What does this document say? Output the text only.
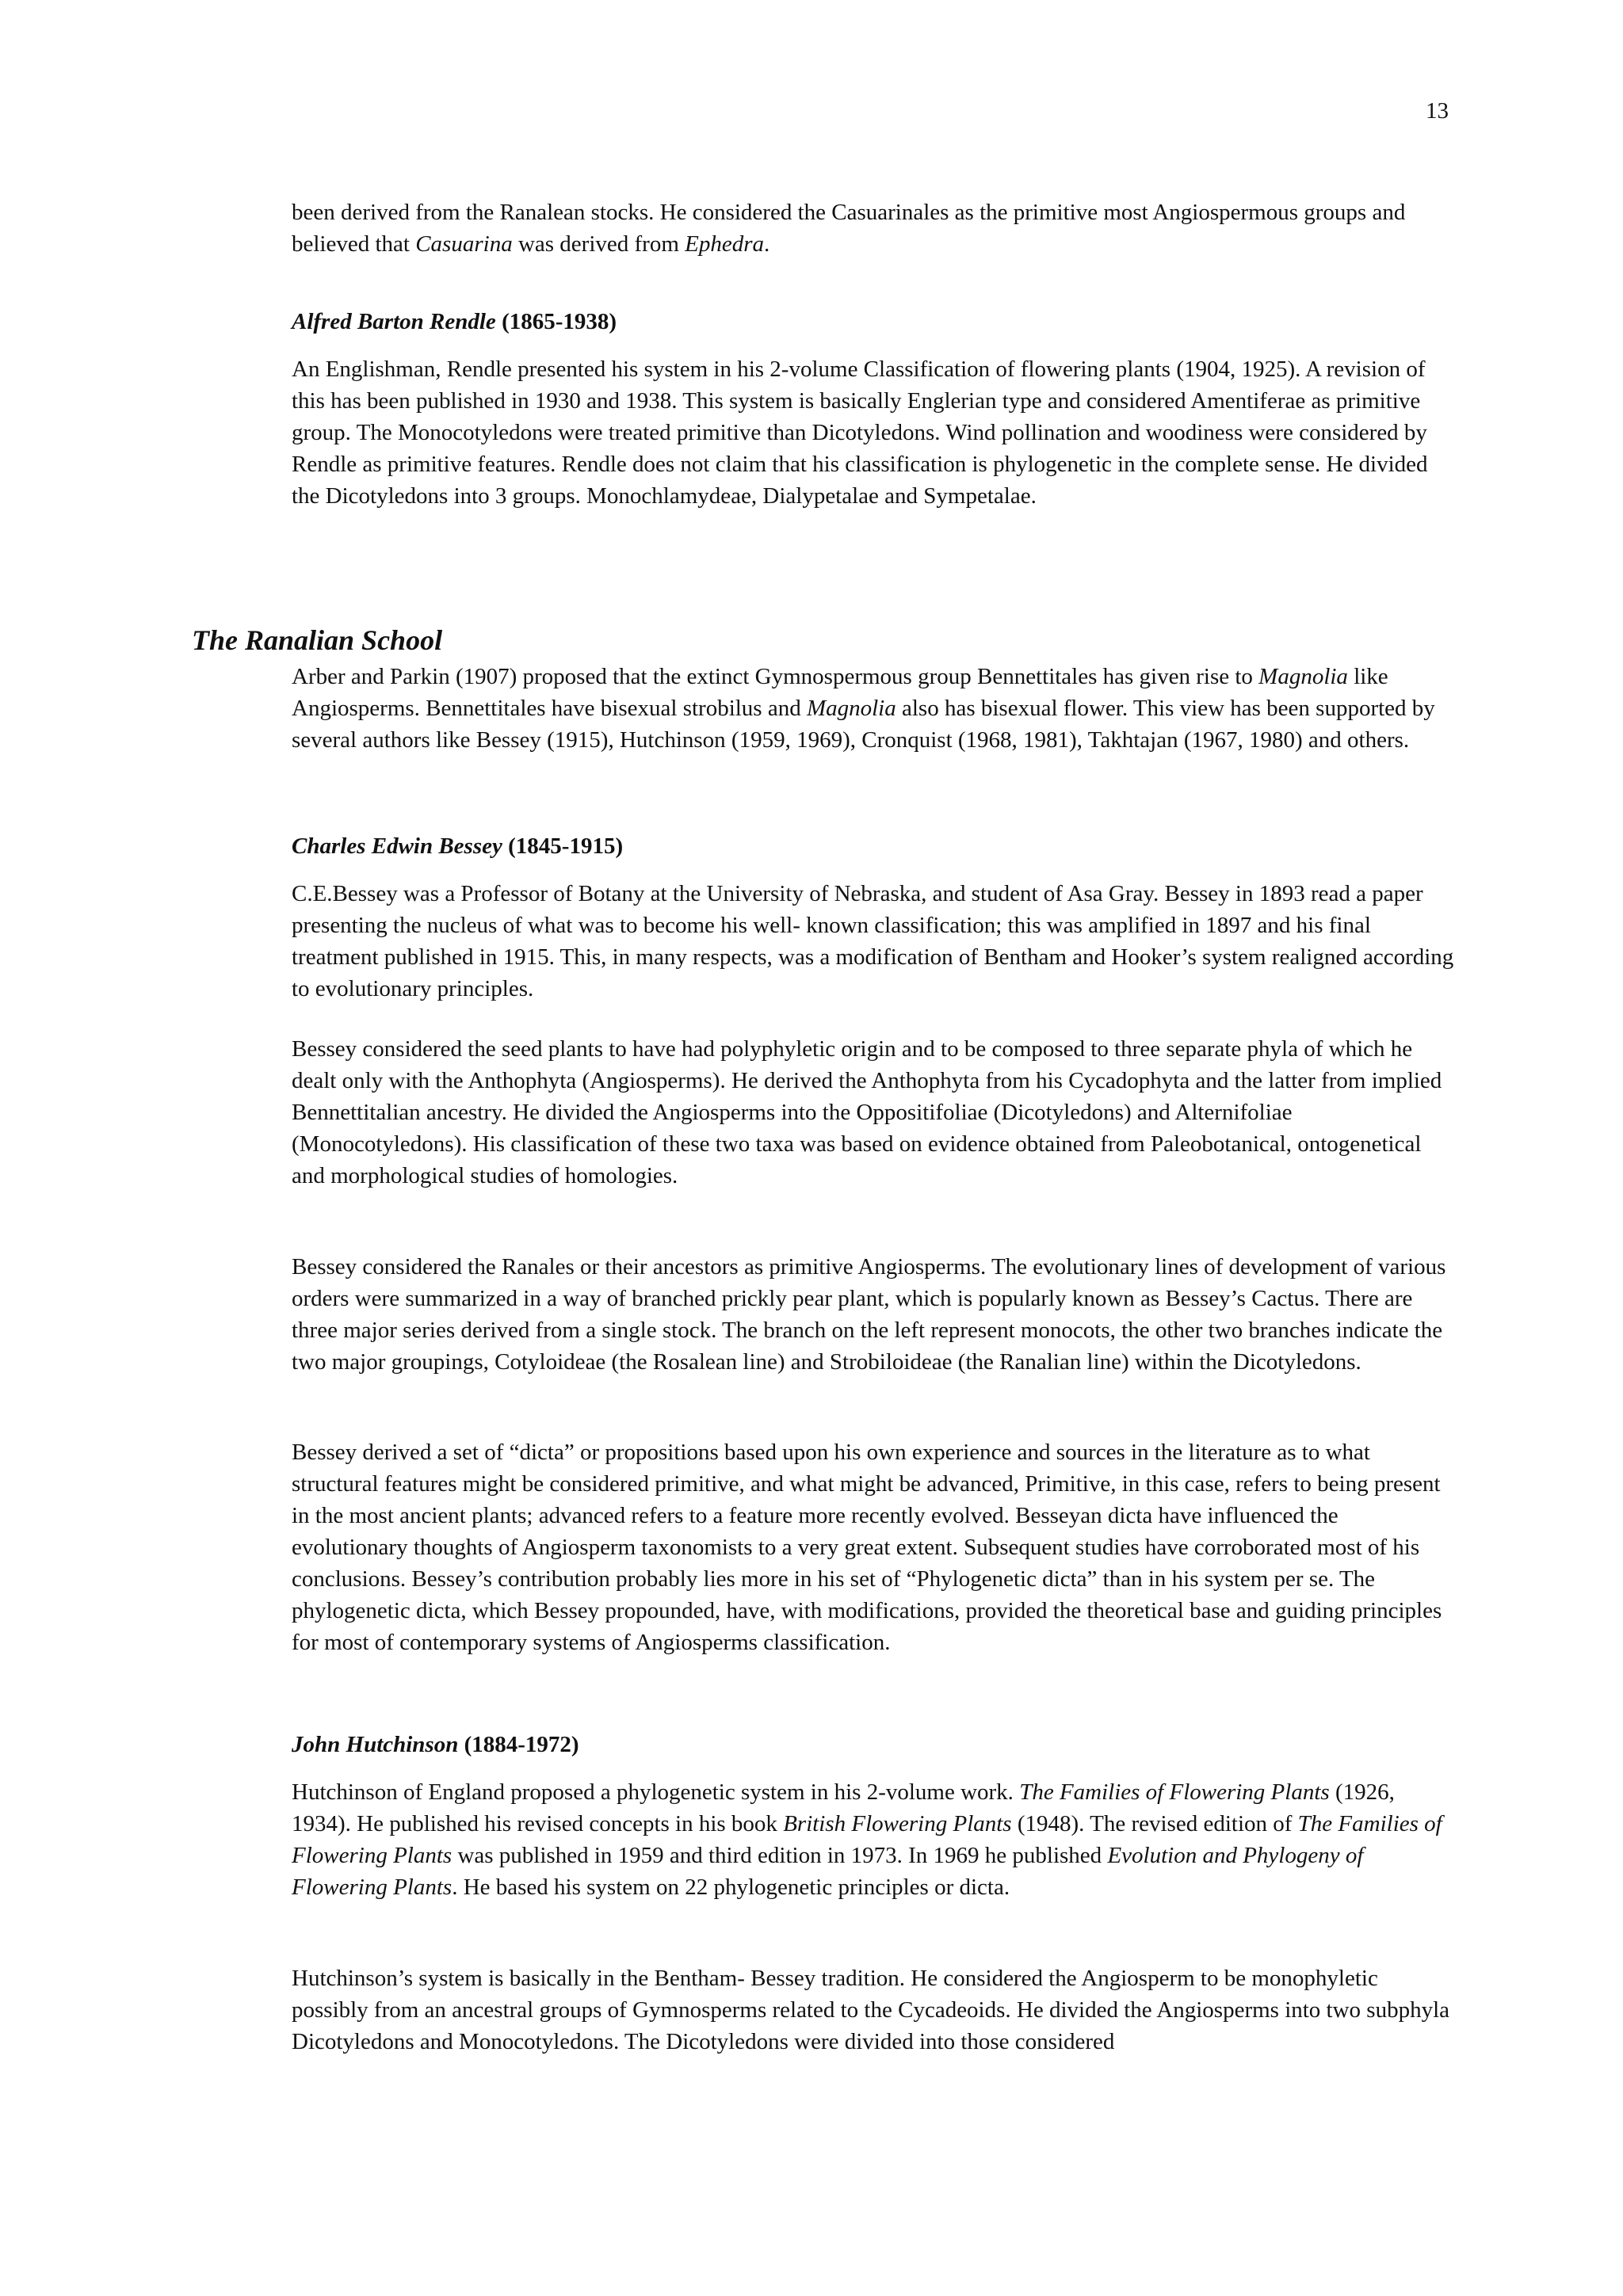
13

been derived from the Ranalean stocks. He considered the Casuarinales as the primitive most Angiospermous groups and believed that Casuarina was derived from Ephedra.

Alfred Barton Rendle (1865-1938)

An Englishman, Rendle presented his system in his 2-volume Classification of flowering plants (1904, 1925). A revision of this has been published in 1930 and 1938. This system is basically Englerian type and considered Amentiferae as primitive group. The Monocotyledons were treated primitive than Dicotyledons. Wind pollination and woodiness were considered by Rendle as primitive features. Rendle does not claim that his classification is phylogenetic in the complete sense. He divided the Dicotyledons into 3 groups. Monochlamydeae, Dialypetalae and Sympetalae.

The Ranalian School

Arber and Parkin (1907) proposed that the extinct Gymnospermous group Bennettitales has given rise to Magnolia like Angiosperms. Bennettitales have bisexual strobilus and Magnolia also has bisexual flower. This view has been supported by several authors like Bessey (1915), Hutchinson (1959, 1969), Cronquist (1968, 1981), Takhtajan (1967, 1980) and others.

Charles Edwin Bessey (1845-1915)

C.E.Bessey was a Professor of Botany at the University of Nebraska, and student of Asa Gray. Bessey in 1893 read a paper presenting the nucleus of what was to become his well- known classification; this was amplified in 1897 and his final treatment published in 1915. This, in many respects, was a modification of Bentham and Hooker’s system realigned according to evolutionary principles.

Bessey considered the seed plants to have had polyphyletic origin and to be composed to three separate phyla of which he dealt only with the Anthophyta (Angiosperms). He derived the Anthophyta from his Cycadophyta and the latter from implied Bennettitalian ancestry. He divided the Angiosperms into the Oppositifoliae (Dicotyledons) and Alternifoliae (Monocotyledons). His classification of these two taxa was based on evidence obtained from Paleobotanical, ontogenetical and morphological studies of homologies.

Bessey considered the Ranales or their ancestors as primitive Angiosperms. The evolutionary lines of development of various orders were summarized in a way of branched prickly pear plant, which is popularly known as Bessey’s Cactus. There are three major series derived from a single stock. The branch on the left represent monocots, the other two branches indicate the two major groupings, Cotyloideae (the Rosalean line) and Strobiloideae (the Ranalian line) within the Dicotyledons.

Bessey derived a set of “dicta” or propositions based upon his own experience and sources in the literature as to what structural features might be considered primitive, and what might be advanced, Primitive, in this case, refers to being present in the most ancient plants; advanced refers to a feature more recently evolved. Besseyan dicta have influenced the evolutionary thoughts of Angiosperm taxonomists to a very great extent. Subsequent studies have corroborated most of his conclusions. Bessey’s contribution probably lies more in his set of “Phylogenetic dicta” than in his system per se. The phylogenetic dicta, which Bessey propounded, have, with modifications, provided the theoretical base and guiding principles for most of contemporary systems of Angiosperms classification.

John Hutchinson (1884-1972)

Hutchinson of England proposed a phylogenetic system in his 2-volume work. The Families of Flowering Plants (1926, 1934). He published his revised concepts in his book British Flowering Plants (1948). The revised edition of The Families of Flowering Plants was published in 1959 and third edition in 1973. In 1969 he published Evolution and Phylogeny of Flowering Plants. He based his system on 22 phylogenetic principles or dicta.

Hutchinson’s system is basically in the Bentham- Bessey tradition. He considered the Angiosperm to be monophyletic possibly from an ancestral groups of Gymnosperms related to the Cycadeoids. He divided the Angiosperms into two subphyla Dicotyledons and Monocotyledons. The Dicotyledons were divided into those considered
